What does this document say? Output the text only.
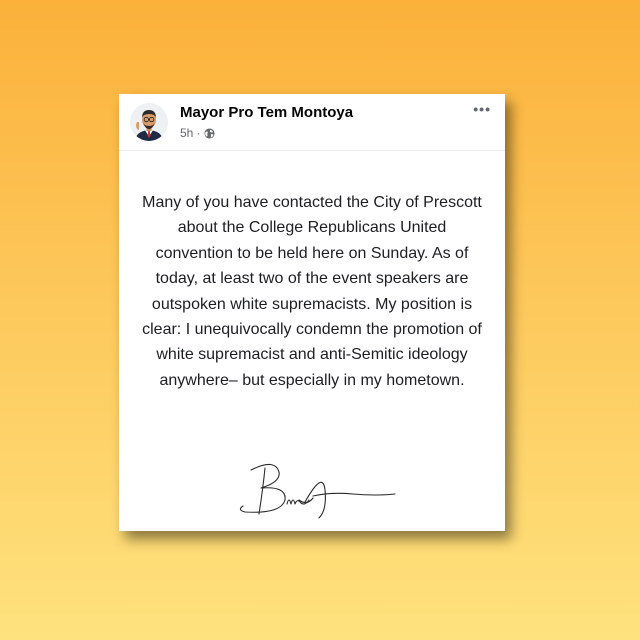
Mayor Pro Tem Montoya
5h ·
•••
Many of you have contacted the City of Prescott about the College Republicans United convention to be held here on Sunday. As of today, at least two of the event speakers are outspoken white supremacists. My position is clear: I unequivocally condemn the promotion of white supremacist and anti-Semitic ideology anywhere– but especially in my hometown.
